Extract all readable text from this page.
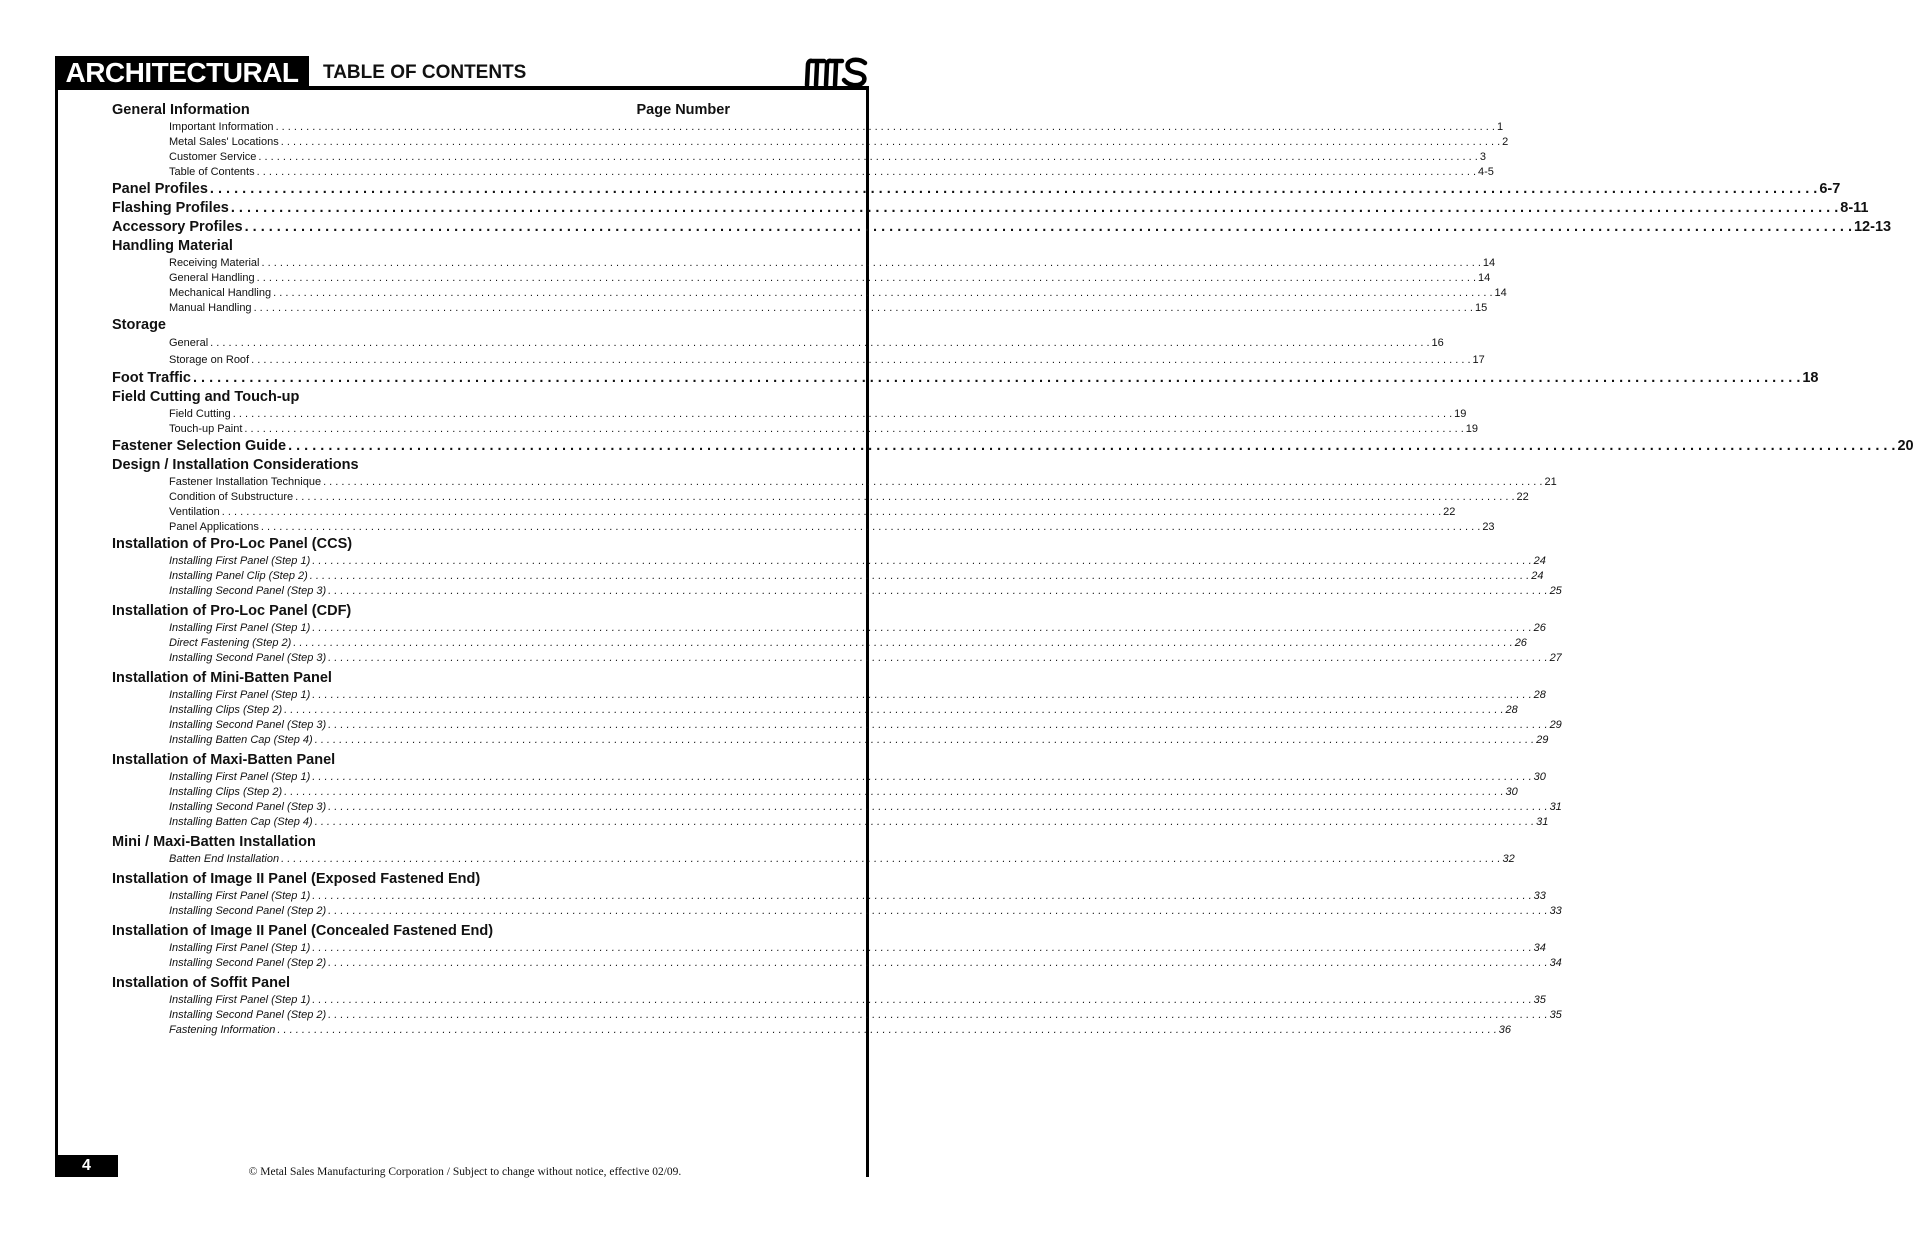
ARCHITECTURAL	TABLE OF CONTENTS
General Information	Page Number
Important Information . . . . . . . . . . . . . . . . . . . . . . . . . . . . . . . . . . . . . . . . . . . . . . . . . . . . . . . . . . . . . . . . . . . . . . . . . . . . . . . . . . . . . . . . . . . . . . . . . . . . . . . . . . . . . . . . . . . . . . . . . . . . . . . . . . . . . . . . . . . . . . . . . . . . . . . . . . . . . . . . . . . . . . . . . . . . . . . . . . . . . . . . . . . . . . . . . . . . . . . . 1
Metal Sales' Locations . . . . . . . . . . . . . . . . . . . . . . . . . . . . . . . . . . . . . . . . . . . . . . . . . . . . . . . . . . . . . . . . . . . . . . . . . . . . . . . . . . . . . . . . . . . . . . . . . . . . . . . . . . . . . . . . . . . . . . . . . . . . . . . . . . . . . . . . . . . . . . . . . . . . . . . . . . . . . . . . . . . . . . . . . . . . . . . . . . . . . . . . . . . . . . . . . . . . . . . . 2
Customer Service . . . . . . . . . . . . . . . . . . . . . . . . . . . . . . . . . . . . . . . . . . . . . . . . . . . . . . . . . . . . . . . . . . . . . . . . . . . . . . . . . . . . . . . . . . . . . . . . . . . . . . . . . . . . . . . . . . . . . . . . . . . . . . . . . . . . . . . . . . . . . . . . . . . . . . . . . . . . . . . . . . . . . . . . . . . . . . . . . . . . . . . . . . . . . . . . . . . . . . . . 3
Table of Contents . . . . . . . . . . . . . . . . . . . . . . . . . . . . . . . . . . . . . . . . . . . . . . . . . . . . . . . . . . . . . . . . . . . . . . . . . . . . . . . . . . . . . . . . . . . . . . . . . . . . . . . . . . . . . . . . . . . . . . . . . . . . . . . . . . . . . . . . . . . . . . . . . . . . . . . . . . . . . . . . . . . . . . . . . . . . . . . . . . . . . . . . . . . . . . . . . . . . . . . . 4-5
Panel Profiles . . . . . . . . . . . . . . . . . . . . . . . . . . . . . . . . . . . . . . . . . . . . . . . . . . . . . . . . . . . . . . . . . . . . . . . . . . . . . . . . . . . . . . . . . . . . . . . . . . . . . . . . . . . . . . . . . . . . . . . . . . . . . . . . . . . . . . . . . . . . . . . . . . . . . . . . . . . . . . . . . . . . . . . . . . . . . . . . . . . . . . . . . . . . . . . . . . . . . . . . 6-7
Flashing Profiles . . . . . . . . . . . . . . . . . . . . . . . . . . . . . . . . . . . . . . . . . . . . . . . . . . . . . . . . . . . . . . . . . . . . . . . . . . . . . . . . . . . . . . . . . . . . . . . . . . . . . . . . . . . . . . . . . . . . . . . . . . . . . . . . . . . . . . . . . . . . . . . . . . . . . . . . . . . . . . . . . . . . . . . . . . . . . . . . . . . . . . . . . . . . . . . . . . . . . . . . 8-11
Accessory Profiles . . . . . . . . . . . . . . . . . . . . . . . . . . . . . . . . . . . . . . . . . . . . . . . . . . . . . . . . . . . . . . . . . . . . . . . . . . . . . . . . . . . . . . . . . . . . . . . . . . . . . . . . . . . . . . . . . . . . . . . . . . . . . . . . . . . . . . . . . . . . . . . . . . . . . . . . . . . . . . . . . . . . . . . . . . . . . . . . . . . . . . . . . . . . . . . . . . . . . . . . 12-13
Handling Material
Receiving Material . . . . . . . . . . . . . . . . . . . . . . . . . . . . . . . . . . . . . . . . . . . . . . . . . . . . . . . . . . . . . . . . . . . . . . . . . . . . . . . . . . . . . . . . . . . . . . . . . . . . . . . . . . . . . . . . . . . . . . . . . . . . . . . . . . . . . . . . . . . . . . . . . . . . . . . . . . . . . . . . . . . . . . . . . . . . . . . . . . . . . . . . . . . . . . . . . . . . . . . . 14
General Handling . . . . . . . . . . . . . . . . . . . . . . . . . . . . . . . . . . . . . . . . . . . . . . . . . . . . . . . . . . . . . . . . . . . . . . . . . . . . . . . . . . . . . . . . . . . . . . . . . . . . . . . . . . . . . . . . . . . . . . . . . . . . . . . . . . . . . . . . . . . . . . . . . . . . . . . . . . . . . . . . . . . . . . . . . . . . . . . . . . . . . . . . . . . . . . . . . . . . . . . . 14
Mechanical Handling . . . . . . . . . . . . . . . . . . . . . . . . . . . . . . . . . . . . . . . . . . . . . . . . . . . . . . . . . . . . . . . . . . . . . . . . . . . . . . . . . . . . . . . . . . . . . . . . . . . . . . . . . . . . . . . . . . . . . . . . . . . . . . . . . . . . . . . . . . . . . . . . . . . . . . . . . . . . . . . . . . . . . . . . . . . . . . . . . . . . . . . . . . . . . . . . . . . . . . . . 14
Manual Handling . . . . . . . . . . . . . . . . . . . . . . . . . . . . . . . . . . . . . . . . . . . . . . . . . . . . . . . . . . . . . . . . . . . . . . . . . . . . . . . . . . . . . . . . . . . . . . . . . . . . . . . . . . . . . . . . . . . . . . . . . . . . . . . . . . . . . . . . . . . . . . . . . . . . . . . . . . . . . . . . . . . . . . . . . . . . . . . . . . . . . . . . . . . . . . . . . . . . . . . . 15
Storage
General . . . . . . . . . . . . . . . . . . . . . . . . . . . . . . . . . . . . . . . . . . . . . . . . . . . . . . . . . . . . . . . . . . . . . . . . . . . . . . . . . . . . . . . . . . . . . . . . . . . . . . . . . . . . . . . . . . . . . . . . . . . . . . . . . . . . . . . . . . . . . . . . . . . . . . . . . . . . . . . . . . . . . . . . . . . . . . . . . . . . . . . . . . . . . . . . . . . . . . . . 16
Storage on Roof . . . . . . . . . . . . . . . . . . . . . . . . . . . . . . . . . . . . . . . . . . . . . . . . . . . . . . . . . . . . . . . . . . . . . . . . . . . . . . . . . . . . . . . . . . . . . . . . . . . . . . . . . . . . . . . . . . . . . . . . . . . . . . . . . . . . . . . . . . . . . . . . . . . . . . . . . . . . . . . . . . . . . . . . . . . . . . . . . . . . . . . . . . . . . . . . . . . . . . . . 17
Foot Traffic . . . . . . . . . . . . . . . . . . . . . . . . . . . . . . . . . . . . . . . . . . . . . . . . . . . . . . . . . . . . . . . . . . . . . . . . . . . . . . . . . . . . . . . . . . . . . . . . . . . . . . . . . . . . . . . . . . . . . . . . . . . . . . . . . . . . . . . . . . . . . . . . . . . . . . . . . . . . . . . . . . . . . . . . . . . . . . . . . . . . . . . . . . . . . . . . . . . . . . . . 18
Field Cutting and Touch-up
Field Cutting . . . . . . . . . . . . . . . . . . . . . . . . . . . . . . . . . . . . . . . . . . . . . . . . . . . . . . . . . . . . . . . . . . . . . . . . . . . . . . . . . . . . . . . . . . . . . . . . . . . . . . . . . . . . . . . . . . . . . . . . . . . . . . . . . . . . . . . . . . . . . . . . . . . . . . . . . . . . . . . . . . . . . . . . . . . . . . . . . . . . . . . . . . . . . . . . . . . . . . . . 19
Touch-up Paint . . . . . . . . . . . . . . . . . . . . . . . . . . . . . . . . . . . . . . . . . . . . . . . . . . . . . . . . . . . . . . . . . . . . . . . . . . . . . . . . . . . . . . . . . . . . . . . . . . . . . . . . . . . . . . . . . . . . . . . . . . . . . . . . . . . . . . . . . . . . . . . . . . . . . . . . . . . . . . . . . . . . . . . . . . . . . . . . . . . . . . . . . . . . . . . . . . . . . . . . 19
Fastener Selection Guide . . . . . . . . . . . . . . . . . . . . . . . . . . . . . . . . . . . . . . . . . . . . . . . . . . . . . . . . . . . . . . . . . . . . . . . . . . . . . . . . . . . . . . . . . . . . . . . . . . . . . . . . . . . . . . . . . . . . . . . . . . . . . . . . . . . . . . . . . . . . . . . . . . . . . . . . . . . . . . . . . . . . . . . . . . . . . . . . . . . . . . . . . . . . . . . . . . . . . . . . 20
Design / Installation Considerations
Fastener Installation Technique . . . . . . . . . . . . . . . . . . . . . . . . . . . . . . . . . . . . . . . . . . . . . . . . . . . . . . . . . . . . . . . . . . . . . . . . . . . . . . . . . . . . . . . . . . . . . . . . . . . . . . . . . . . . . . . . . . . . . . . . . . . . . . . . . . . . . . . . . . . . . . . . . . . . . . . . . . . . . . . . . . . . . . . . . . . . . . . . . . . . . . . . . . . . . . . . . . . . . . . . 21
Condition of Substructure . . . . . . . . . . . . . . . . . . . . . . . . . . . . . . . . . . . . . . . . . . . . . . . . . . . . . . . . . . . . . . . . . . . . . . . . . . . . . . . . . . . . . . . . . . . . . . . . . . . . . . . . . . . . . . . . . . . . . . . . . . . . . . . . . . . . . . . . . . . . . . . . . . . . . . . . . . . . . . . . . . . . . . . . . . . . . . . . . . . . . . . . . . . . . . . . . . . . . . . . 22
Ventilation . . . . . . . . . . . . . . . . . . . . . . . . . . . . . . . . . . . . . . . . . . . . . . . . . . . . . . . . . . . . . . . . . . . . . . . . . . . . . . . . . . . . . . . . . . . . . . . . . . . . . . . . . . . . . . . . . . . . . . . . . . . . . . . . . . . . . . . . . . . . . . . . . . . . . . . . . . . . . . . . . . . . . . . . . . . . . . . . . . . . . . . . . . . . . . . . . . . . . . . . 22
Panel Applications . . . . . . . . . . . . . . . . . . . . . . . . . . . . . . . . . . . . . . . . . . . . . . . . . . . . . . . . . . . . . . . . . . . . . . . . . . . . . . . . . . . . . . . . . . . . . . . . . . . . . . . . . . . . . . . . . . . . . . . . . . . . . . . . . . . . . . . . . . . . . . . . . . . . . . . . . . . . . . . . . . . . . . . . . . . . . . . . . . . . . . . . . . . . . . . . . . . . . . . . 23
Installation of Pro-Loc Panel (CCS)
Installing First Panel (Step 1) . . . . . . . . . . . . . . . . . . . . . . . . . . . . . . . . . . . . . . . . . . . . . . . . . . . . . . . . . . . . . . . . . . . . . . . . . . . . . . . . . . . . . . . . . . . . . . . . . . . . . . . . . . . . . . . . . . . . . . . . . . . . . . . . . . . . . . . . . . . . . . . . . . . . . . . . . . . . . . . . . . . . . . . . . . . . . . . . . . . . . . . . . . . . . . . . . . . . . . . . 24
Installing Panel Clip (Step 2) . . . . . . . . . . . . . . . . . . . . . . . . . . . . . . . . . . . . . . . . . . . . . . . . . . . . . . . . . . . . . . . . . . . . . . . . . . . . . . . . . . . . . . . . . . . . . . . . . . . . . . . . . . . . . . . . . . . . . . . . . . . . . . . . . . . . . . . . . . . . . . . . . . . . . . . . . . . . . . . . . . . . . . . . . . . . . . . . . . . . . . . . . . . . . . . . . . . . . . . . 24
Installing Second Panel (Step 3) . . . . . . . . . . . . . . . . . . . . . . . . . . . . . . . . . . . . . . . . . . . . . . . . . . . . . . . . . . . . . . . . . . . . . . . . . . . . . . . . . . . . . . . . . . . . . . . . . . . . . . . . . . . . . . . . . . . . . . . . . . . . . . . . . . . . . . . . . . . . . . . . . . . . . . . . . . . . . . . . . . . . . . . . . . . . . . . . . . . . . . . . . . . . . . . . . . . . . . . . 25
Installation of Pro-Loc Panel (CDF)
Installing First Panel (Step 1) . . . . . . . . . . . . . . . . . . . . . . . . . . . . . . . . . . . . . . . . . . . . . . . . . . . . . . . . . . . . . . . . . . . . . . . . . . . . . . . . . . . . . . . . . . . . . . . . . . . . . . . . . . . . . . . . . . . . . . . . . . . . . . . . . . . . . . . . . . . . . . . . . . . . . . . . . . . . . . . . . . . . . . . . . . . . . . . . . . . . . . . . . . . . . . . . . . . . . . . . 26
Direct Fastening (Step 2) . . . . . . . . . . . . . . . . . . . . . . . . . . . . . . . . . . . . . . . . . . . . . . . . . . . . . . . . . . . . . . . . . . . . . . . . . . . . . . . . . . . . . . . . . . . . . . . . . . . . . . . . . . . . . . . . . . . . . . . . . . . . . . . . . . . . . . . . . . . . . . . . . . . . . . . . . . . . . . . . . . . . . . . . . . . . . . . . . . . . . . . . . . . . . . . . . . . . . . . . 26
Installing Second Panel (Step 3) . . . . . . . . . . . . . . . . . . . . . . . . . . . . . . . . . . . . . . . . . . . . . . . . . . . . . . . . . . . . . . . . . . . . . . . . . . . . . . . . . . . . . . . . . . . . . . . . . . . . . . . . . . . . . . . . . . . . . . . . . . . . . . . . . . . . . . . . . . . . . . . . . . . . . . . . . . . . . . . . . . . . . . . . . . . . . . . . . . . . . . . . . . . . . . . . . . . . . . . . 27
Installation of Mini-Batten Panel
Installing First Panel (Step 1) . . . . . . . . . . . . . . . . . . . . . . . . . . . . . . . . . . . . . . . . . . . . . . . . . . . . . . . . . . . . . . . . . . . . . . . . . . . . . . . . . . . . . . . . . . . . . . . . . . . . . . . . . . . . . . . . . . . . . . . . . . . . . . . . . . . . . . . . . . . . . . . . . . . . . . . . . . . . . . . . . . . . . . . . . . . . . . . . . . . . . . . . . . . . . . . . . . . . . . . . 28
Installing Clips (Step 2) . . . . . . . . . . . . . . . . . . . . . . . . . . . . . . . . . . . . . . . . . . . . . . . . . . . . . . . . . . . . . . . . . . . . . . . . . . . . . . . . . . . . . . . . . . . . . . . . . . . . . . . . . . . . . . . . . . . . . . . . . . . . . . . . . . . . . . . . . . . . . . . . . . . . . . . . . . . . . . . . . . . . . . . . . . . . . . . . . . . . . . . . . . . . . . . . . . . . . . . . 28
Installing Second Panel (Step 3) . . . . . . . . . . . . . . . . . . . . . . . . . . . . . . . . . . . . . . . . . . . . . . . . . . . . . . . . . . . . . . . . . . . . . . . . . . . . . . . . . . . . . . . . . . . . . . . . . . . . . . . . . . . . . . . . . . . . . . . . . . . . . . . . . . . . . . . . . . . . . . . . . . . . . . . . . . . . . . . . . . . . . . . . . . . . . . . . . . . . . . . . . . . . . . . . . . . . . . . . 29
Installing Batten Cap (Step 4) . . . . . . . . . . . . . . . . . . . . . . . . . . . . . . . . . . . . . . . . . . . . . . . . . . . . . . . . . . . . . . . . . . . . . . . . . . . . . . . . . . . . . . . . . . . . . . . . . . . . . . . . . . . . . . . . . . . . . . . . . . . . . . . . . . . . . . . . . . . . . . . . . . . . . . . . . . . . . . . . . . . . . . . . . . . . . . . . . . . . . . . . . . . . . . . . . . . . . . . . 29
Installation of Maxi-Batten Panel
Installing First Panel (Step 1) . . . . . . . . . . . . . . . . . . . . . . . . . . . . . . . . . . . . . . . . . . . . . . . . . . . . . . . . . . . . . . . . . . . . . . . . . . . . . . . . . . . . . . . . . . . . . . . . . . . . . . . . . . . . . . . . . . . . . . . . . . . . . . . . . . . . . . . . . . . . . . . . . . . . . . . . . . . . . . . . . . . . . . . . . . . . . . . . . . . . . . . . . . . . . . . . . . . . . . . . 30
Installing Clips (Step 2) . . . . . . . . . . . . . . . . . . . . . . . . . . . . . . . . . . . . . . . . . . . . . . . . . . . . . . . . . . . . . . . . . . . . . . . . . . . . . . . . . . . . . . . . . . . . . . . . . . . . . . . . . . . . . . . . . . . . . . . . . . . . . . . . . . . . . . . . . . . . . . . . . . . . . . . . . . . . . . . . . . . . . . . . . . . . . . . . . . . . . . . . . . . . . . . . . . . . . . . . 30
Installing Second Panel (Step 3) . . . . . . . . . . . . . . . . . . . . . . . . . . . . . . . . . . . . . . . . . . . . . . . . . . . . . . . . . . . . . . . . . . . . . . . . . . . . . . . . . . . . . . . . . . . . . . . . . . . . . . . . . . . . . . . . . . . . . . . . . . . . . . . . . . . . . . . . . . . . . . . . . . . . . . . . . . . . . . . . . . . . . . . . . . . . . . . . . . . . . . . . . . . . . . . . . . . . . . . . 31
Installing Batten Cap (Step 4) . . . . . . . . . . . . . . . . . . . . . . . . . . . . . . . . . . . . . . . . . . . . . . . . . . . . . . . . . . . . . . . . . . . . . . . . . . . . . . . . . . . . . . . . . . . . . . . . . . . . . . . . . . . . . . . . . . . . . . . . . . . . . . . . . . . . . . . . . . . . . . . . . . . . . . . . . . . . . . . . . . . . . . . . . . . . . . . . . . . . . . . . . . . . . . . . . . . . . . . . 31
Mini / Maxi-Batten Installation
Batten End Installation . . . . . . . . . . . . . . . . . . . . . . . . . . . . . . . . . . . . . . . . . . . . . . . . . . . . . . . . . . . . . . . . . . . . . . . . . . . . . . . . . . . . . . . . . . . . . . . . . . . . . . . . . . . . . . . . . . . . . . . . . . . . . . . . . . . . . . . . . . . . . . . . . . . . . . . . . . . . . . . . . . . . . . . . . . . . . . . . . . . . . . . . . . . . . . . . . . . . . . . . 32
Installation of Image II Panel (Exposed Fastened End)
Installing First Panel (Step 1) . . . . . . . . . . . . . . . . . . . . . . . . . . . . . . . . . . . . . . . . . . . . . . . . . . . . . . . . . . . . . . . . . . . . . . . . . . . . . . . . . . . . . . . . . . . . . . . . . . . . . . . . . . . . . . . . . . . . . . . . . . . . . . . . . . . . . . . . . . . . . . . . . . . . . . . . . . . . . . . . . . . . . . . . . . . . . . . . . . . . . . . . . . . . . . . . . . . . . . . . 33
Installing Second Panel (Step 2) . . . . . . . . . . . . . . . . . . . . . . . . . . . . . . . . . . . . . . . . . . . . . . . . . . . . . . . . . . . . . . . . . . . . . . . . . . . . . . . . . . . . . . . . . . . . . . . . . . . . . . . . . . . . . . . . . . . . . . . . . . . . . . . . . . . . . . . . . . . . . . . . . . . . . . . . . . . . . . . . . . . . . . . . . . . . . . . . . . . . . . . . . . . . . . . . . . . . . . . . 33
Installation of Image II Panel (Concealed Fastened End)
Installing First Panel (Step 1) . . . . . . . . . . . . . . . . . . . . . . . . . . . . . . . . . . . . . . . . . . . . . . . . . . . . . . . . . . . . . . . . . . . . . . . . . . . . . . . . . . . . . . . . . . . . . . . . . . . . . . . . . . . . . . . . . . . . . . . . . . . . . . . . . . . . . . . . . . . . . . . . . . . . . . . . . . . . . . . . . . . . . . . . . . . . . . . . . . . . . . . . . . . . . . . . . . . . . . . . 34
Installing Second Panel (Step 2) . . . . . . . . . . . . . . . . . . . . . . . . . . . . . . . . . . . . . . . . . . . . . . . . . . . . . . . . . . . . . . . . . . . . . . . . . . . . . . . . . . . . . . . . . . . . . . . . . . . . . . . . . . . . . . . . . . . . . . . . . . . . . . . . . . . . . . . . . . . . . . . . . . . . . . . . . . . . . . . . . . . . . . . . . . . . . . . . . . . . . . . . . . . . . . . . . . . . . . . . 34
Installation of Soffit Panel
Installing First Panel (Step 1) . . . . . . . . . . . . . . . . . . . . . . . . . . . . . . . . . . . . . . . . . . . . . . . . . . . . . . . . . . . . . . . . . . . . . . . . . . . . . . . . . . . . . . . . . . . . . . . . . . . . . . . . . . . . . . . . . . . . . . . . . . . . . . . . . . . . . . . . . . . . . . . . . . . . . . . . . . . . . . . . . . . . . . . . . . . . . . . . . . . . . . . . . . . . . . . . . . . . . . . . 35
Installing Second Panel (Step 2) . . . . . . . . . . . . . . . . . . . . . . . . . . . . . . . . . . . . . . . . . . . . . . . . . . . . . . . . . . . . . . . . . . . . . . . . . . . . . . . . . . . . . . . . . . . . . . . . . . . . . . . . . . . . . . . . . . . . . . . . . . . . . . . . . . . . . . . . . . . . . . . . . . . . . . . . . . . . . . . . . . . . . . . . . . . . . . . . . . . . . . . . . . . . . . . . . . . . . . . . 35
Fastening Information . . . . . . . . . . . . . . . . . . . . . . . . . . . . . . . . . . . . . . . . . . . . . . . . . . . . . . . . . . . . . . . . . . . . . . . . . . . . . . . . . . . . . . . . . . . . . . . . . . . . . . . . . . . . . . . . . . . . . . . . . . . . . . . . . . . . . . . . . . . . . . . . . . . . . . . . . . . . . . . . . . . . . . . . . . . . . . . . . . . . . . . . . . . . . . . . . . . . . . . . 36
4	© Metal Sales Manufacturing Corporation / Subject to change without notice, effective 02/09.
